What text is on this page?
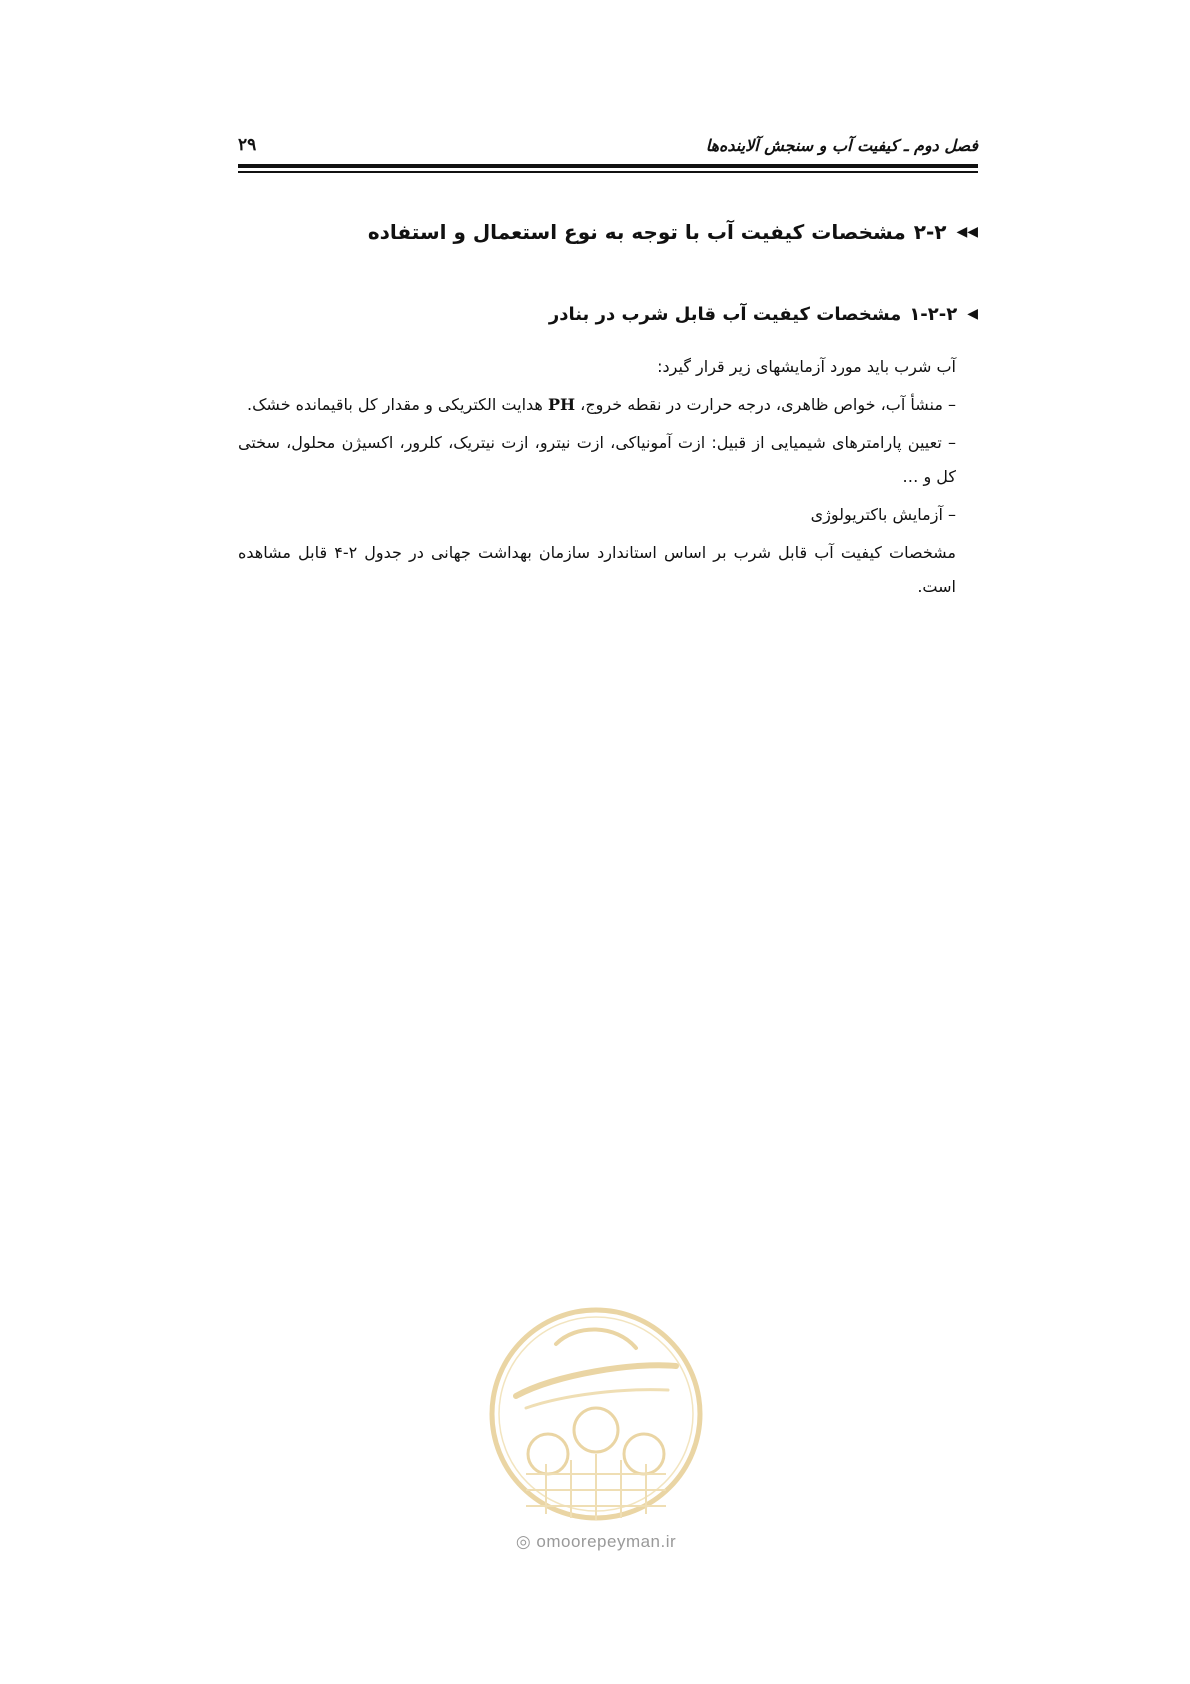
فصل دوم ـ کیفیت آب و سنجش آلاینده‌ها
۲۹
◀◀
۲-۲
مشخصات کیفیت آب با توجه به نوع استعمال و استفاده
◀
۱-۲-۲
مشخصات کیفیت آب قابل شرب در بنادر

آب شرب باید مورد آزمایشهای زیر قرار گیرد:

– منشأ آب، خواص ظاهری، درجه حرارت در نقطه خروج، PH هدایت الکتریکی و مقدار کل باقیمانده خشک.

– تعیین پارامترهای شیمیایی از قبیل: ازت آمونیاکی، ازت نیترو، ازت نیتریک، کلرور، اکسیژن محلول، سختی کل و …

– آزمایش باکتریولوژی

مشخصات کیفیت آب قابل شرب بر اساس استاندارد سازمان بهداشت جهانی در جدول ۲-۴ قابل مشاهده است.

◎ omoorepeyman.ir
